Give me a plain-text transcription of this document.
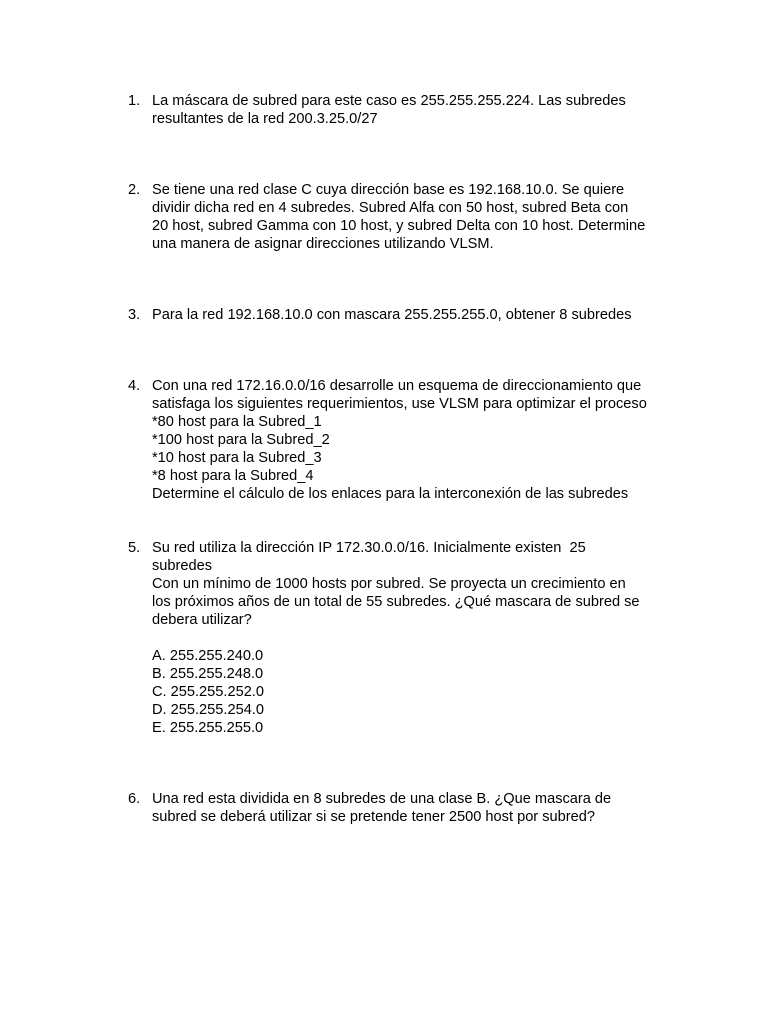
1. La máscara de subred para este caso es 255.255.255.224. Las subredes
resultantes de la red 200.3.25.0/27
2. Se tiene una red clase C cuya dirección base es 192.168.10.0. Se quiere
dividir dicha red en 4 subredes. Subred Alfa con 50 host, subred Beta con
20 host, subred Gamma con 10 host, y subred Delta con 10 host. Determine
una manera de asignar direcciones utilizando VLSM.
3. Para la red 192.168.10.0 con mascara 255.255.255.0, obtener 8 subredes
4. Con una red 172.16.0.0/16 desarrolle un esquema de direccionamiento que
satisfaga los siguientes requerimientos, use VLSM para optimizar el proceso
*80 host para la Subred_1
*100 host para la Subred_2
*10 host para la Subred_3
*8 host para la Subred_4
Determine el cálculo de los enlaces para la interconexión de las subredes
5. Su red utiliza la dirección IP 172.30.0.0/16. Inicialmente existen  25
subredes
Con un mínimo de 1000 hosts por subred. Se proyecta un crecimiento en
los próximos años de un total de 55 subredes. ¿Qué mascara de subred se
debera utilizar?
A. 255.255.240.0
B. 255.255.248.0
C. 255.255.252.0
D. 255.255.254.0
E. 255.255.255.0
6. Una red esta dividida en 8 subredes de una clase B. ¿Que mascara de
subred se deberá utilizar si se pretende tener 2500 host por subred?
